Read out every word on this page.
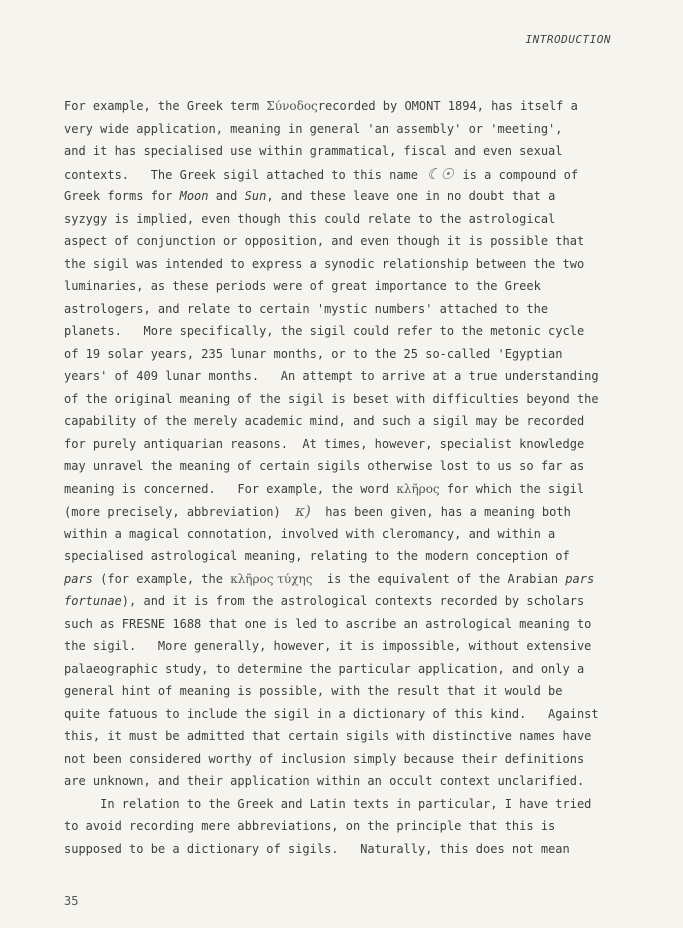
INTRODUCTION
For example, the Greek term Σύνοδοςrecorded by OMONT 1894, has itself a
very wide application, meaning in general 'an assembly' or 'meeting',
and it has specialised use within grammatical, fiscal and even sexual
contexts.   The Greek sigil attached to this name ☾☉ is a compound of
Greek forms for Moon and Sun, and these leave one in no doubt that a
syzygy is implied, even though this could relate to the astrological
aspect of conjunction or opposition, and even though it is possible that
the sigil was intended to express a synodic relationship between the two
luminaries, as these periods were of great importance to the Greek
astrologers, and relate to certain 'mystic numbers' attached to the
planets.   More specifically, the sigil could refer to the metonic cycle
of 19 solar years, 235 lunar months, or to the 25 so-called 'Egyptian
years' of 409 lunar months.   An attempt to arrive at a true understanding
of the original meaning of the sigil is beset with difficulties beyond the
capability of the merely academic mind, and such a sigil may be recorded
for purely antiquarian reasons.  At times, however, specialist knowledge
may unravel the meaning of certain sigils otherwise lost to us so far as
meaning is concerned.   For example, the word κλῆρος for which the sigil
(more precisely, abbreviation) κ) has been given, has a meaning both
within a magical connotation, involved with cleromancy, and within a
specialised astrological meaning, relating to the modern conception of
pars (for example, the κλῆρος τύχης  is the equivalent of the Arabian pars
fortunae), and it is from the astrological contexts recorded by scholars
such as FRESNE 1688 that one is led to ascribe an astrological meaning to
the sigil.   More generally, however, it is impossible, without extensive
palaeographic study, to determine the particular application, and only a
general hint of meaning is possible, with the result that it would be
quite fatuous to include the sigil in a dictionary of this kind.   Against
this, it must be admitted that certain sigils with distinctive names have
not been considered worthy of inclusion simply because their definitions
are unknown, and their application within an occult context unclarified.
In relation to the Greek and Latin texts in particular, I have tried
to avoid recording mere abbreviations, on the principle that this is
supposed to be a dictionary of sigils.   Naturally, this does not mean
35
